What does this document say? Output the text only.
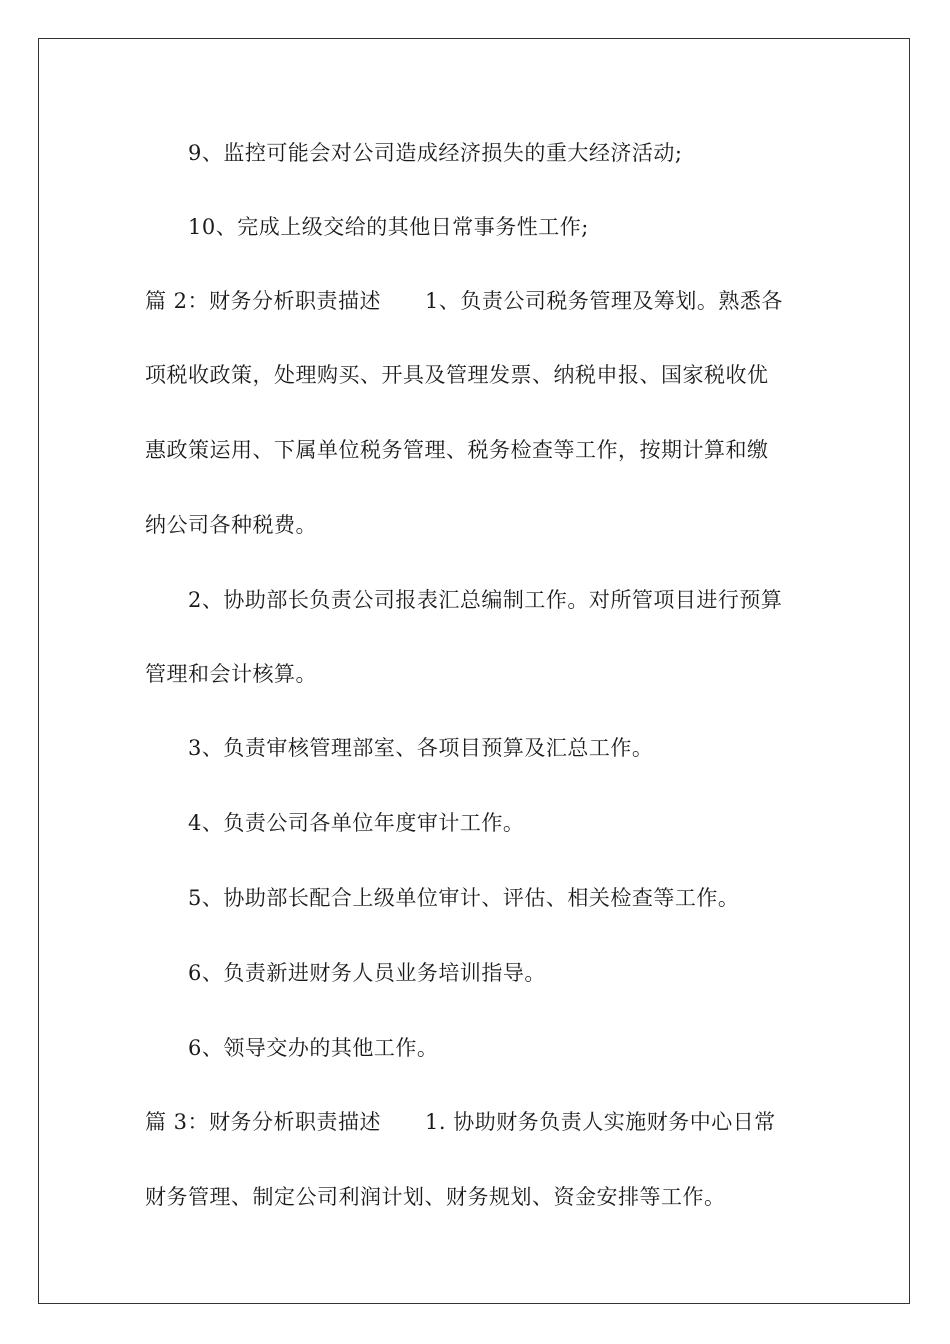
9、监控可能会对公司造成经济损失的重大经济活动;
10、完成上级交给的其他日常事务性工作;
篇 2：财务分析职责描述 1、负责公司税务管理及筹划。熟悉各
项税收政策，处理购买、开具及管理发票、纳税申报、国家税收优
惠政策运用、下属单位税务管理、税务检查等工作，按期计算和缴
纳公司各种税费。
2、协助部长负责公司报表汇总编制工作。对所管项目进行预算
管理和会计核算。
3、负责审核管理部室、各项目预算及汇总工作。
4、负责公司各单位年度审计工作。
5、协助部长配合上级单位审计、评估、相关检查等工作。
6、负责新进财务人员业务培训指导。
6、领导交办的其他工作。
篇 3：财务分析职责描述 1. 协助财务负责人实施财务中心日常
财务管理、制定公司利润计划、财务规划、资金安排等工作。
